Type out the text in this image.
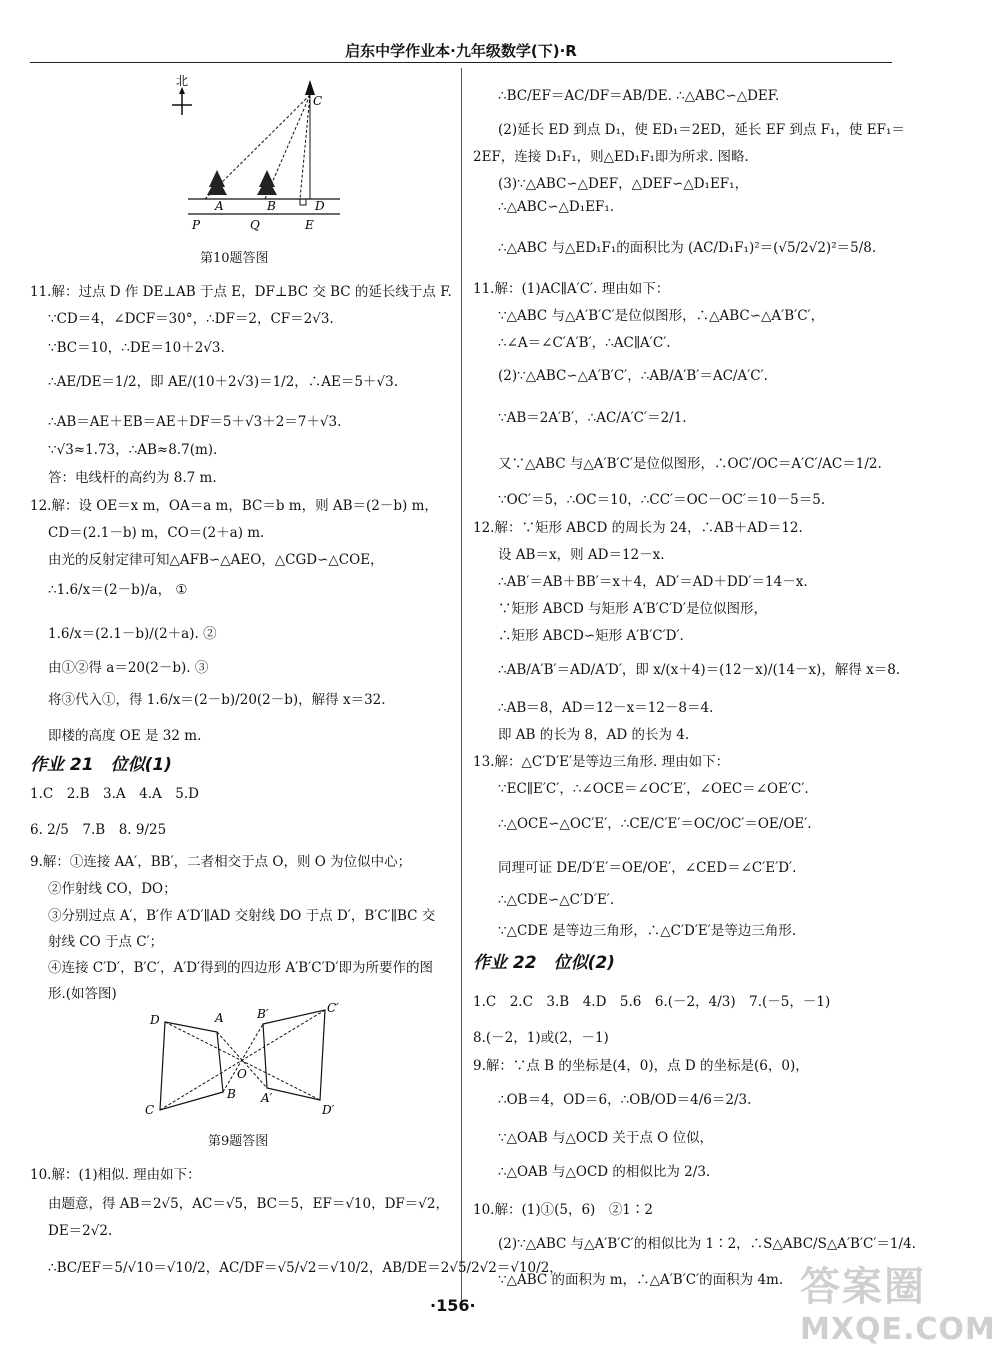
启东中学作业本·九年级数学(下)·R
北
C
A	B	D
P	Q	E
第10题答图
11.解：过点 D 作 DE⊥AB 于点 E，DF⊥BC 交 BC 的延长线于点 F.
∵CD＝4，∠DCF＝30°，∴DF＝2，CF＝2√3.
∵BC＝10，∴DE＝10＋2√3.
∴AE/DE＝1/2，即 AE/(10＋2√3)＝1/2，∴AE＝5＋√3.
∴AB＝AE＋EB＝AE＋DF＝5＋√3＋2＝7＋√3.
∵√3≈1.73，∴AB≈8.7(m).
答：电线杆的高约为 8.7 m.
12.解：设 OE＝x m，OA＝a m，BC＝b m，则 AB＝(2－b) m，
CD＝(2.1－b) m，CO＝(2＋a) m.
由光的反射定律可知△AFB∽△AEO，△CGD∽△COE，
∴1.6/x＝(2－b)/a， ①
1.6/x＝(2.1－b)/(2＋a). ②
由①②得 a＝20(2－b). ③
将③代入①，得 1.6/x＝(2－b)/20(2－b)，解得 x＝32.
即楼的高度 OE 是 32 m.
作业 21　位似(1)
1.C　2.B　3.A　4.A　5.D
6. 2/5　7.B　8. 9/25
9.解：①连接 AA′，BB′，二者相交于点 O，则 O 为位似中心；
②作射线 CO，DO；
③分别过点 A′，B′作 A′D′∥AD 交射线 DO 于点 D′，B′C′∥BC 交
射线 CO 于点 C′；
④连接 C′D′，B′C′，A′D′得到的四边形 A′B′C′D′即为所要作的图
形.(如答图)
D	A	B′	C′
O
C
B A′
D′
第9题答图
10.解：(1)相似. 理由如下：
由题意，得 AB＝2√5，AC＝√5，BC＝5，EF＝√10，DF＝√2，
DE＝2√2.
∴BC/EF＝5/√10＝√10/2，AC/DF＝√5/√2＝√10/2，AB/DE＝2√5/2√2＝√10/2，
∴BC/EF＝AC/DF＝AB/DE. ∴△ABC∽△DEF.
(2)延长 ED 到点 D₁，使 ED₁＝2ED，延长 EF 到点 F₁，使 EF₁＝
2EF，连接 D₁F₁，则△ED₁F₁即为所求. 图略.
(3)∵△ABC∽△DEF，△DEF∽△D₁EF₁，
∴△ABC∽△D₁EF₁.
∴△ABC 与△ED₁F₁的面积比为 (AC/D₁F₁)²＝(√5/2√2)²＝5/8.
11.解：(1)AC∥A′C′. 理由如下：
∵△ABC 与△A′B′C′是位似图形，∴△ABC∽△A′B′C′，
∴∠A＝∠C′A′B′，∴AC∥A′C′.
(2)∵△ABC∽△A′B′C′，∴AB/A′B′＝AC/A′C′.
∵AB＝2A′B′，∴AC/A′C′＝2/1.
又∵△ABC 与△A′B′C′是位似图形，∴OC′/OC＝A′C′/AC＝1/2.
∵OC′＝5，∴OC＝10，∴CC′＝OC－OC′＝10－5＝5.
12.解：∵矩形 ABCD 的周长为 24，∴AB＋AD＝12.
设 AB＝x，则 AD＝12－x.
∴AB′＝AB＋BB′＝x＋4，AD′＝AD＋DD′＝14－x.
∵矩形 ABCD 与矩形 A′B′C′D′是位似图形，
∴矩形 ABCD∽矩形 A′B′C′D′.
∴AB/A′B′＝AD/A′D′，即 x/(x＋4)＝(12－x)/(14－x)，解得 x＝8.
∴AB＝8，AD＝12－x＝12－8＝4.
即 AB 的长为 8，AD 的长为 4.
13.解：△C′D′E′是等边三角形. 理由如下：
∵EC∥E′C′，∴∠OCE＝∠OC′E′，∠OEC＝∠OE′C′.
∴△OCE∽△OC′E′，∴CE/C′E′＝OC/OC′＝OE/OE′.
同理可证 DE/D′E′＝OE/OE′，∠CED＝∠C′E′D′.
∴△CDE∽△C′D′E′.
∵△CDE 是等边三角形，∴△C′D′E′是等边三角形.
作业 22　位似(2)
1.C　2.C　3.B　4.D　5.6　6.(－2，4/3)　7.(－5，－1)
8.(－2，1)或(2，－1)
9.解：∵点 B 的坐标是(4，0)，点 D 的坐标是(6，0)，
∴OB＝4，OD＝6，∴OB/OD＝4/6＝2/3.
∵△OAB 与△OCD 关于点 O 位似，
∴△OAB 与△OCD 的相似比为 2/3.
10.解：(1)①(5，6)　②1∶2
(2)∵△ABC 与△A′B′C′的相似比为 1∶2，∴S△ABC/S△A′B′C′＝1/4.
∵△ABC 的面积为 m，∴△A′B′C′的面积为 4m.
·156·	答案圈
MXQE.COM
